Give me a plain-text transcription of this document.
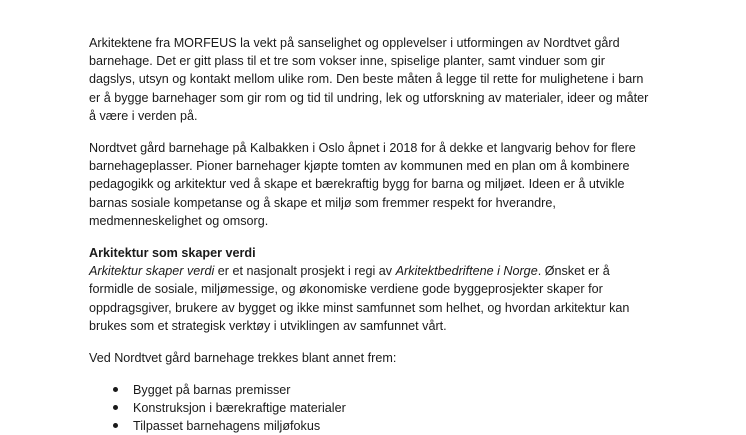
Arkitektene fra MORFEUS la vekt på sanselighet og opplevelser i utformingen av Nordtvet gård barnehage. Det er gitt plass til et tre som vokser inne, spiselige planter, samt vinduer som gir dagslys, utsyn og kontakt mellom ulike rom. Den beste måten å legge til rette for mulighetene i barn er å bygge barnehager som gir rom og tid til undring, lek og utforskning av materialer, ideer og måter å være i verden på.

Nordtvet gård barnehage på Kalbakken i Oslo åpnet i 2018 for å dekke et langvarig behov for flere barnehageplasser. Pioner barnehager kjøpte tomten av kommunen med en plan om å kombinere pedagogikk og arkitektur ved å skape et bærekraftig bygg for barna og miljøet. Ideen er å utvikle barnas sosiale kompetanse og å skape et miljø som fremmer respekt for hverandre, medmenneskelighet og omsorg.

Arkitektur som skaper verdi

Arkitektur skaper verdi er et nasjonalt prosjekt i regi av Arkitektbedriftene i Norge. Ønsket er å formidle de sosiale, miljømessige, og økonomiske verdiene gode byggeprosjekter skaper for oppdragsgiver, brukere av bygget og ikke minst samfunnet som helhet, og hvordan arkitektur kan brukes som et strategisk verktøy i utviklingen av samfunnet vårt.

Ved Nordtvet gård barnehage trekkes blant annet frem:

Bygget på barnas premisser
Konstruksjon i bærekraftige materialer
Tilpasset barnehagens miljøfokus
